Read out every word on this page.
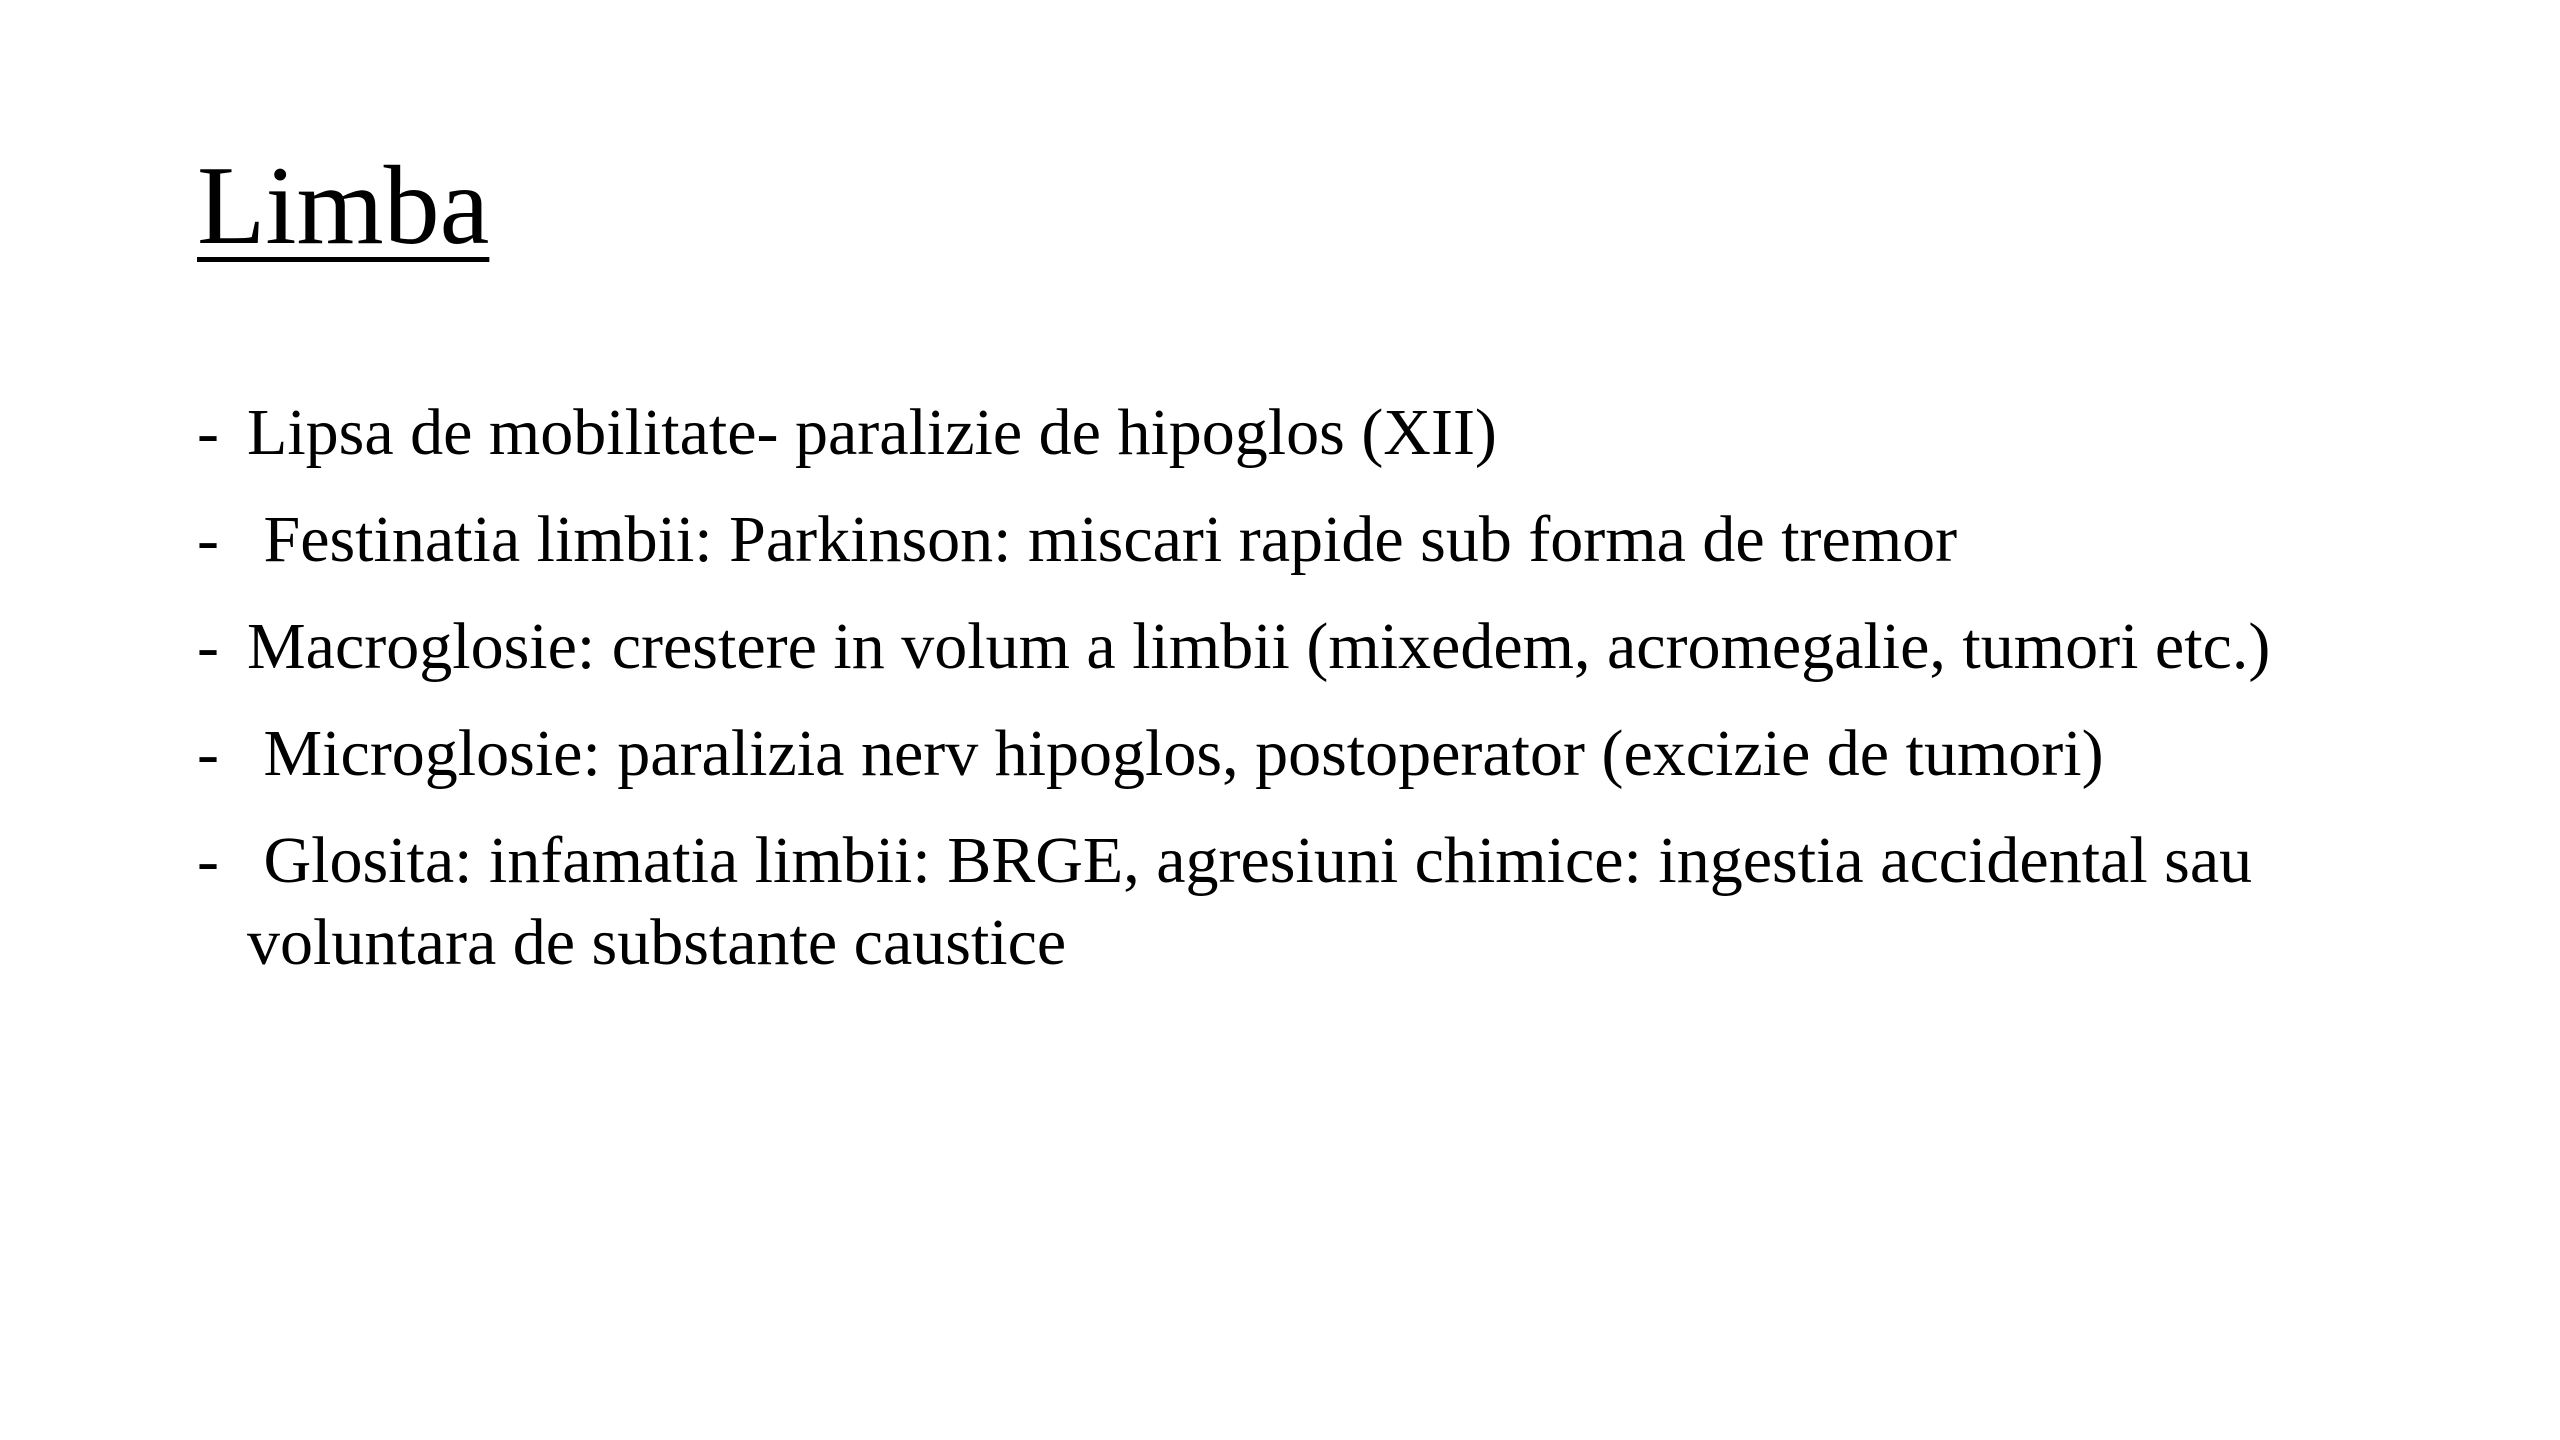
Limba
- Lipsa de mobilitate- paralizie de hipoglos (XII)
- Festinatia limbii: Parkinson: miscari rapide sub forma de tremor
- Macroglosie: crestere in volum a limbii (mixedem, acromegalie, tumori etc.)
- Microglosie: paralizia nerv hipoglos, postoperator (excizie de tumori)
- Glosita: infamatia limbii: BRGE, agresiuni chimice: ingestia accidental sau voluntara de substante caustice
